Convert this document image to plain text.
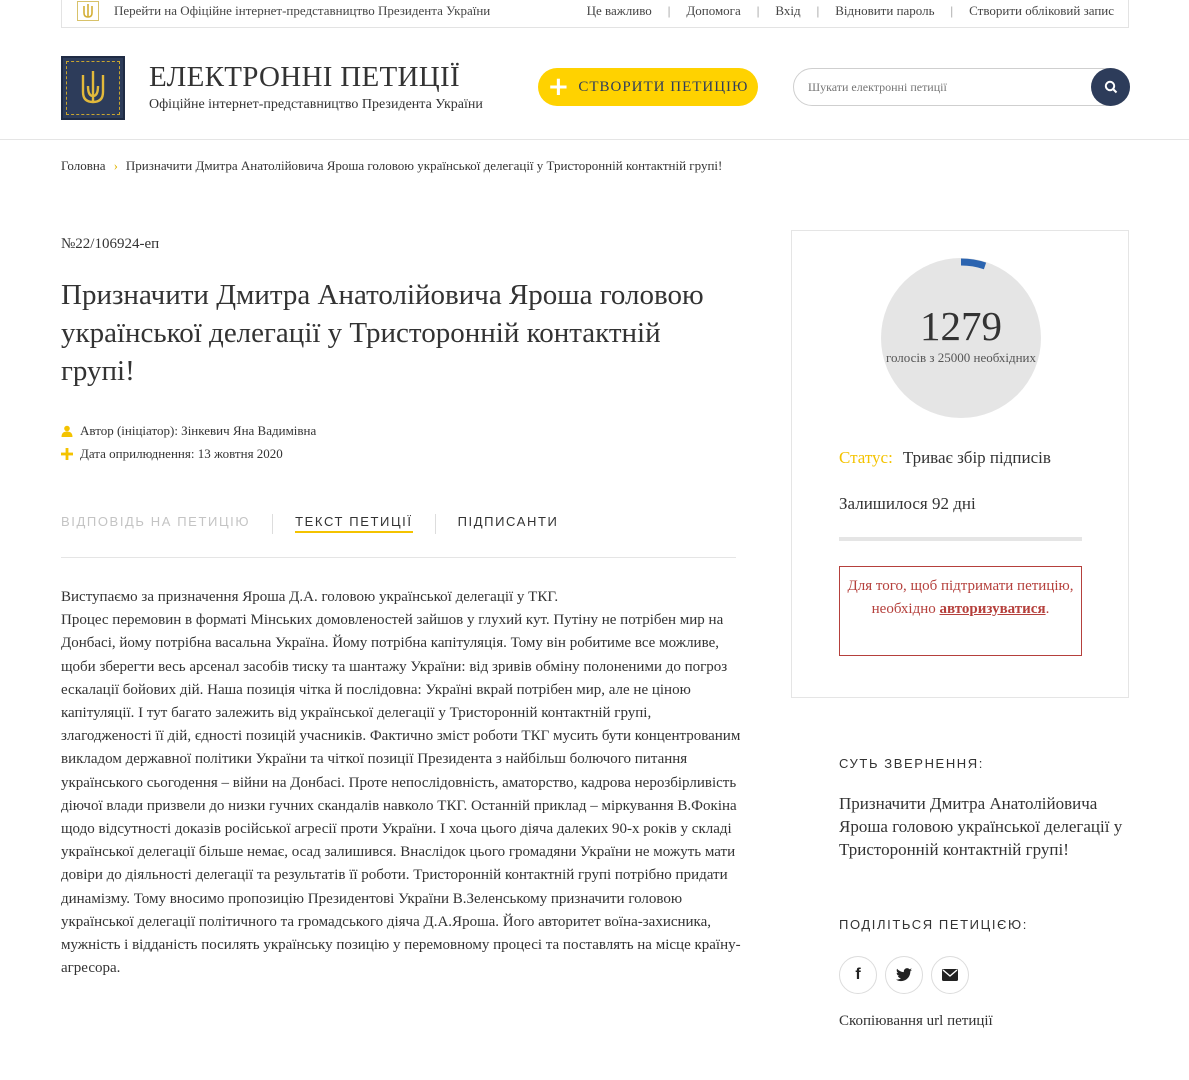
Перейти на Офіційне інтернет-представництво Президента України	Це важливо | Допомога | Вхід | Відновити пароль | Створити обліковий запис
ЕЛЕКТРОННІ ПЕТИЦІЇ
Офіційне інтернет-представництво Президента України
+ СТВОРИТИ ПЕТИЦІЮ
Шукати електронні петиції
Головна › Призначити Дмитра Анатолійовича Яроша головою української делегації у Тристоронній контактній групі!
№22/106924-еп
Призначити Дмитра Анатолійовича Яроша головою української делегації у Тристоронній контактній групі!
Автор (ініціатор): Зінкевич Яна Вадимівна
Дата оприлюднення: 13 жовтня 2020
ВІДПОВІДЬ НА ПЕТИЦІЮ	ТЕКСТ ПЕТИЦІЇ	ПІДПИСАНТИ
Виступаємо за призначення Яроша Д.А. головою української делегації у ТКГ.
Процес перемовин в форматі Мінських домовленостей зайшов у глухий кут. Путіну не потрібен мир на Донбасі, йому потрібна васальна Україна. Йому потрібна капітуляція. Тому він робитиме все можливе, щоби зберегти весь арсенал засобів тиску та шантажу України: від зривів обміну полоненими до погроз ескалації бойових дій. Наша позиція чітка й послідовна: Україні вкрай потрібен мир, але не ціною капітуляції. І тут багато залежить від української делегації у Тристоронній контактній групі, злагодженості її дій, єдності позицій учасників. Фактично зміст роботи ТКГ мусить бути концентрованим викладом державної політики України та чіткої позиції Президента з найбільш болючого питання українського сьогодення – війни на Донбасі. Проте непослідовність, аматорство, кадрова нерозбірливість діючої влади призвели до низки гучних скандалів навколо ТКГ. Останній приклад – міркування В.Фокіна щодо відсутності доказів російської агресії проти України. І хоча цього діяча далеких 90-х років у складі української делегації більше немає, осад залишився. Внаслідок цього громадяни України не можуть мати довіри до діяльності делегації та результатів її роботи. Тристоронній контактній групі потрібно придати динамізму. Тому вносимо пропозицію Президентові України В.Зеленському призначити головою української делегації політичного та громадського діяча Д.А.Яроша. Його авторитет воїна-захисника, мужність і відданість посилять українську позицію у перемовному процесі та поставлять на місце країну-агресора.
1279
голосів з 25000 необхідних
Статус: Триває збір підписів
Залишилося 92 дні
Для того, щоб підтримати петицію, необхідно авторизуватися.
СУТЬ ЗВЕРНЕННЯ:
Призначити Дмитра Анатолійовича Яроша головою української делегації у Тристоронній контактній групі!
ПОДІЛІТЬСЯ ПЕТИЦІЄЮ:
f
Скопіювання url петиції
